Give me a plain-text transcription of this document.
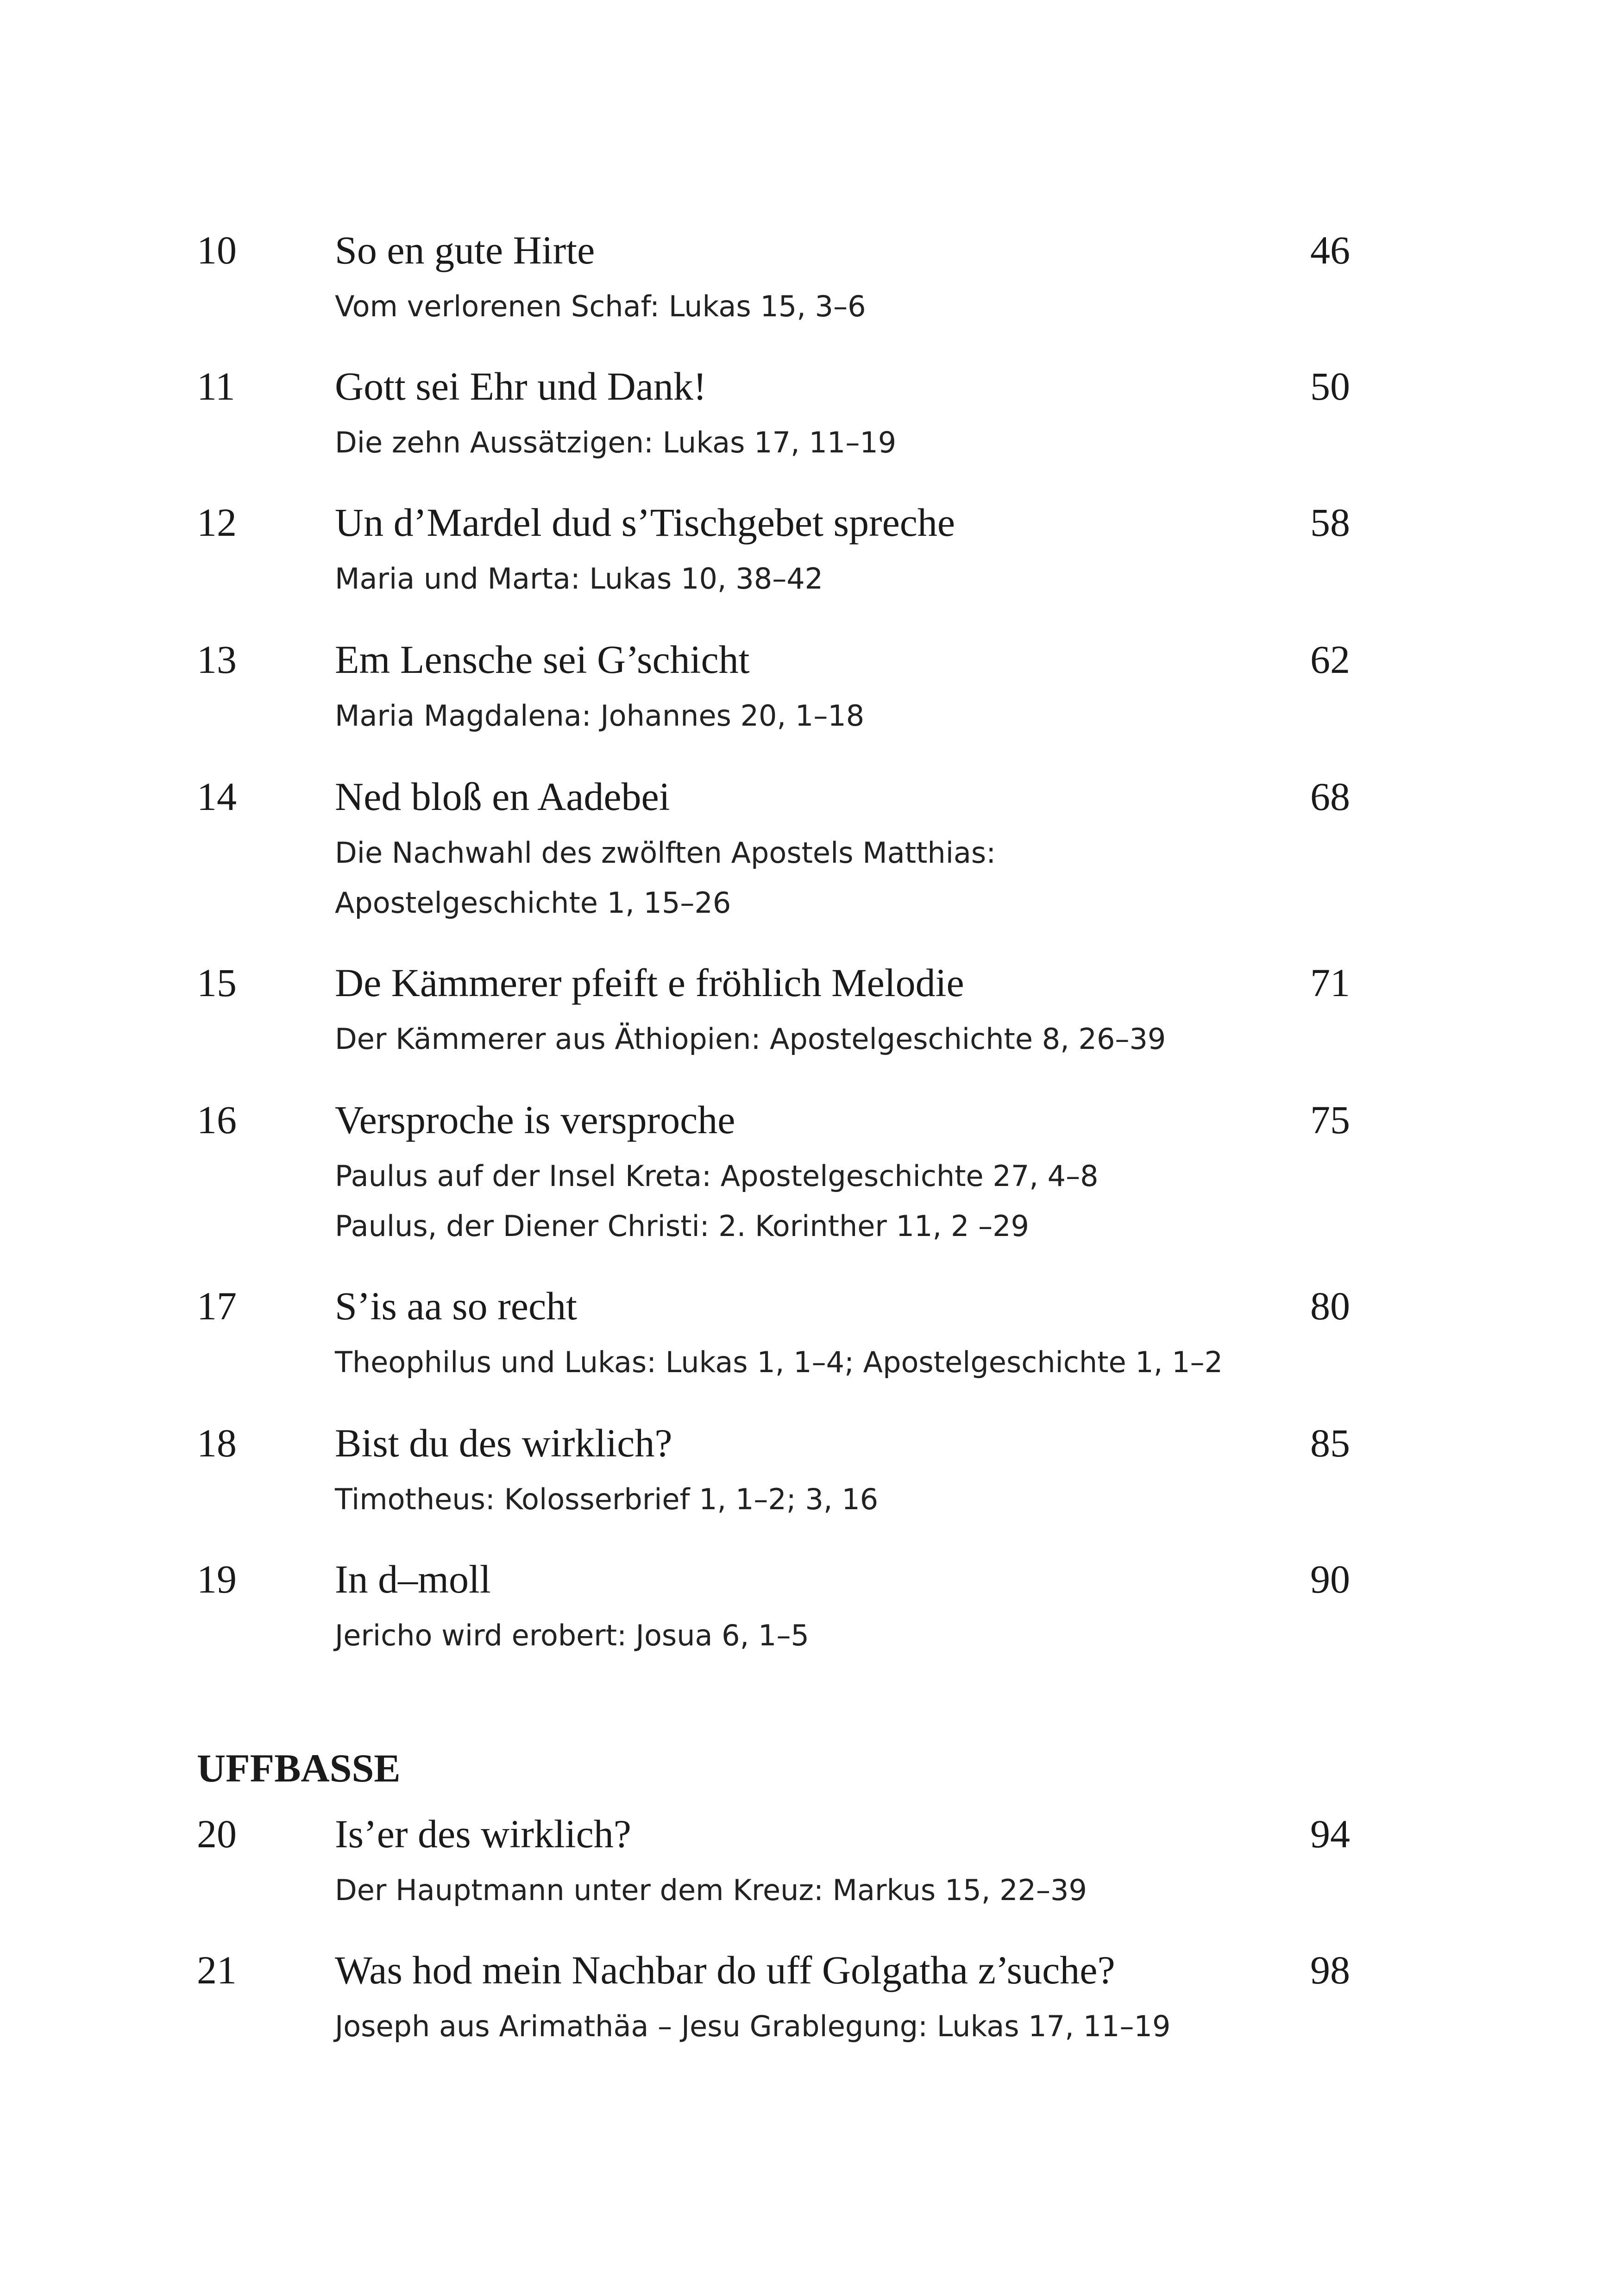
10 So en gute Hirte	46
Vom verlorenen Schaf: Lukas 15, 3–6
11	Gott sei Ehr und Dank!	50
Die zehn Aussätzigen: Lukas 17, 11–19
12 Un d’Mardel dud s’Tischgebet spreche	58
Maria und Marta: Lukas 10, 38–42
13 Em Lensche sei G’schicht	62
Maria Magdalena: Johannes 20, 1–18
14 Ned bloß en Aadebei	68
Die Nachwahl des zwölften Apostels Matthias:
Apostelgeschichte 1, 15–26
15 De Kämmerer pfeift e fröhlich Melodie	71
Der Kämmerer aus Äthiopien: Apostelgeschichte 8, 26–39
16 Versproche is versproche	75
Paulus auf der Insel Kreta: Apostelgeschichte 27, 4–8
Paulus, der Diener Christi: 2. Korinther 11, 2 –29
17 S’is aa so recht	80
Theophilus und Lukas: Lukas 1, 1–4; Apostelgeschichte 1, 1–2
18 Bist du des wirklich?	85
Timotheus: Kolosserbrief 1, 1–2; 3, 16
19 In d–moll	90
Jericho wird erobert: Josua 6, 1–5
UFFBASSE
20 Is’er des wirklich?	94
Der Hauptmann unter dem Kreuz: Markus 15, 22–39
21 Was hod mein Nachbar do uff Golgatha z’suche?	98
Joseph aus Arimathäa – Jesu Grablegung: Lukas 17, 11–19
